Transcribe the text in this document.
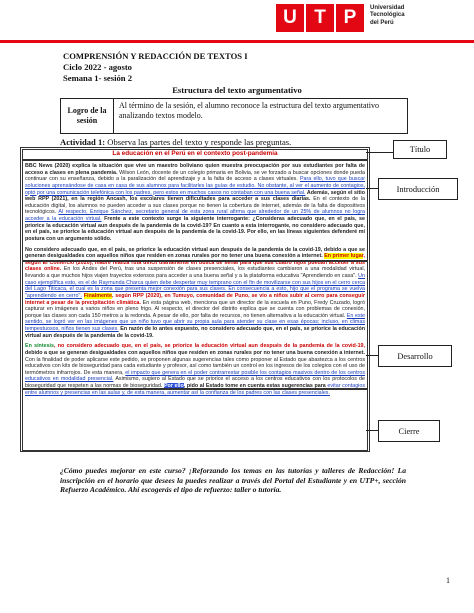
U T P	Universidad
Tecnológica
del Perú
COMPRENSIÓN Y REDACCIÓN DE TEXTOS I
Ciclo 2022 - agosto
Semana 1- sesión 2
Estructura del texto argumentativo
Logro de la sesión
Al término de la sesión, el alumno reconoce la estructura del texto argumentativo analizando textos modelo.
Actividad 1: Observa las partes del texto y responde las preguntas.
La educación en el Perú en el contexto post-pandemia
BBC News (2020) explica la situación que vive un maestro boliviano quien muestra preocupación por sus estudiantes por falta de acceso a clases en plena pandemia. Wilson León, docente de un colegio primaria en Bolivia, se ve forzado a buscar opciones donde pueda continuar con su enseñanza, debido a la paralización del aprendizaje y a la falta de acceso a clases virtuales. Para ello, tuvo que buscar soluciones aprensándose de casa en casa de sus alumnos para facilitarles las guías de estudio. No obstante, al ver el aumento de contagios, optó por una comunicación telefónica con los padres, pero estos en muchos casos no contaban con una buena señal. Además, según el sitio web RPP (2021), en la región Ancash, los escolares tienen dificultades para acceder a sus clases diarias. En el contexto de la educación digital, los alumnos no pueden acceder a sus clases porque no tienen la cobertura de internet, además de la falta de dispositivos tecnológicos. Al respecto, Enrique Sánchez, secretario general de esta zona rural afirma que alrededor de un 25% de alumnos no logra acceder a la educación virtual. Frente a este contexto surge la siguiente interrogante: ¿Consideras adecuado que, en el país, se priorice la educación virtual aun después de la pandemia de la covid-19? En cuanto a esta interrogante, no considero adecuado que, en el país, se priorice la educación virtual aun después de la pandemia de la covid-19. Por ello, en las líneas siguientes defenderé mi postura con un argumento sólido.
No considero adecuado que, en el país, se priorice la educación virtual aun después de la pandemia de la covid-19, debido a que se generan desigualdades con aquellos niños que residen en zonas rurales por no tener una buena conexión a internet. En primer lugar, según El Comercio (2020), madre realiza ruta difícil diariamente en busca de señal para que sus cuatro hijos puedan acceder a sus clases online. En los Andes del Perú, tras una suspensión de clases presenciales, los estudiantes cambiaron a una modalidad virtual, llevando a que muchos hijos viajen trayectos extensos para acceder a una buena señal y a la plataforma educativa "Aprendiendo en casa". Un caso ejemplífica esto, es el de Raymunda Charca quien debe despertar muy temprano con el fin de movilizarse con sus hijos en el cerro cerca del Lago Titicaca, el cual es la zona que presenta mejor conexión para sus clases. En consecuencia a esto, hijo que el programa se vuelva "aprendiendo en cerro". Finalmente, según RPP (2020), en Tumuyo, comunidad de Puno, se vio a niños subir al cerro para conseguir internet a pesar de la precipitación climática. En esta página web, menciona que un director de la escuela en Puno, Fredy Cruzado, logró capturar en imágenes a varios niños en pleno frigo. Al respecto, el director del distrito explica que se cuenta con problemas de conexión, porque las clases son cada 150 metros a la redonda. A pesar de ello, por falta de recursos, no tienen alternativa a la educación virtual. En este sentido, se logró ver en las imágenes que un niño tuvo que abrir su propia aula para atender su clase en esas épocas; incluso, en climas tempestuosos, niños tienen sus clases. En razón de lo antes expuesto, no considero adecuado que, en el país, se priorice la educación virtual aun después de la pandemia de la covid-19.
En síntesis, no considero adecuado que, en el país, se priorice la educación virtual aun después de la pandemia de la covid-19, debido a que se generan desigualdades con aquellos niños que residen en zonas rurales por no tener una buena conexión a internet. Con la finalidad de poder aplicarse este pedido, se proponen algunas sugerencias tales como proponer al Estado que abastezca a los centros educativos con kits de bioseguridad para cada estudiante y profesor, así como también un control en los ingresos de los colegios con el uso de termómetros infrarrojos. De esta manera, el impacto que genera en el poder contrarrestar posible los contagios masivos dentro de los centros educativos en modalidad presencial. Asimismo, sugiero al Estado que se priorice el acceso a los centros educativos con los protocolos de bioseguridad que respeten a las normas de bioseguridad. Por ello, pido al Estado tome en cuenta estas sugerencias para evitar contagios entre alumnos y presencias en las aulas y, de esta manera, aumentar así la confianza de los padres con las clases presenciales.
Título
Introducción
Desarrollo
Cierre
¿Cómo puedes mejorar en este curso? ¡Reforzando los temas en las tutorías y talleres de Redacción! La inscripción en el horario que desees la puedes realizar a través del Portal del Estudiante y en UTP+, sección Refuerzo Académico. Ahí escogerás el tipo de refuerzo: taller o tutoría.
1
